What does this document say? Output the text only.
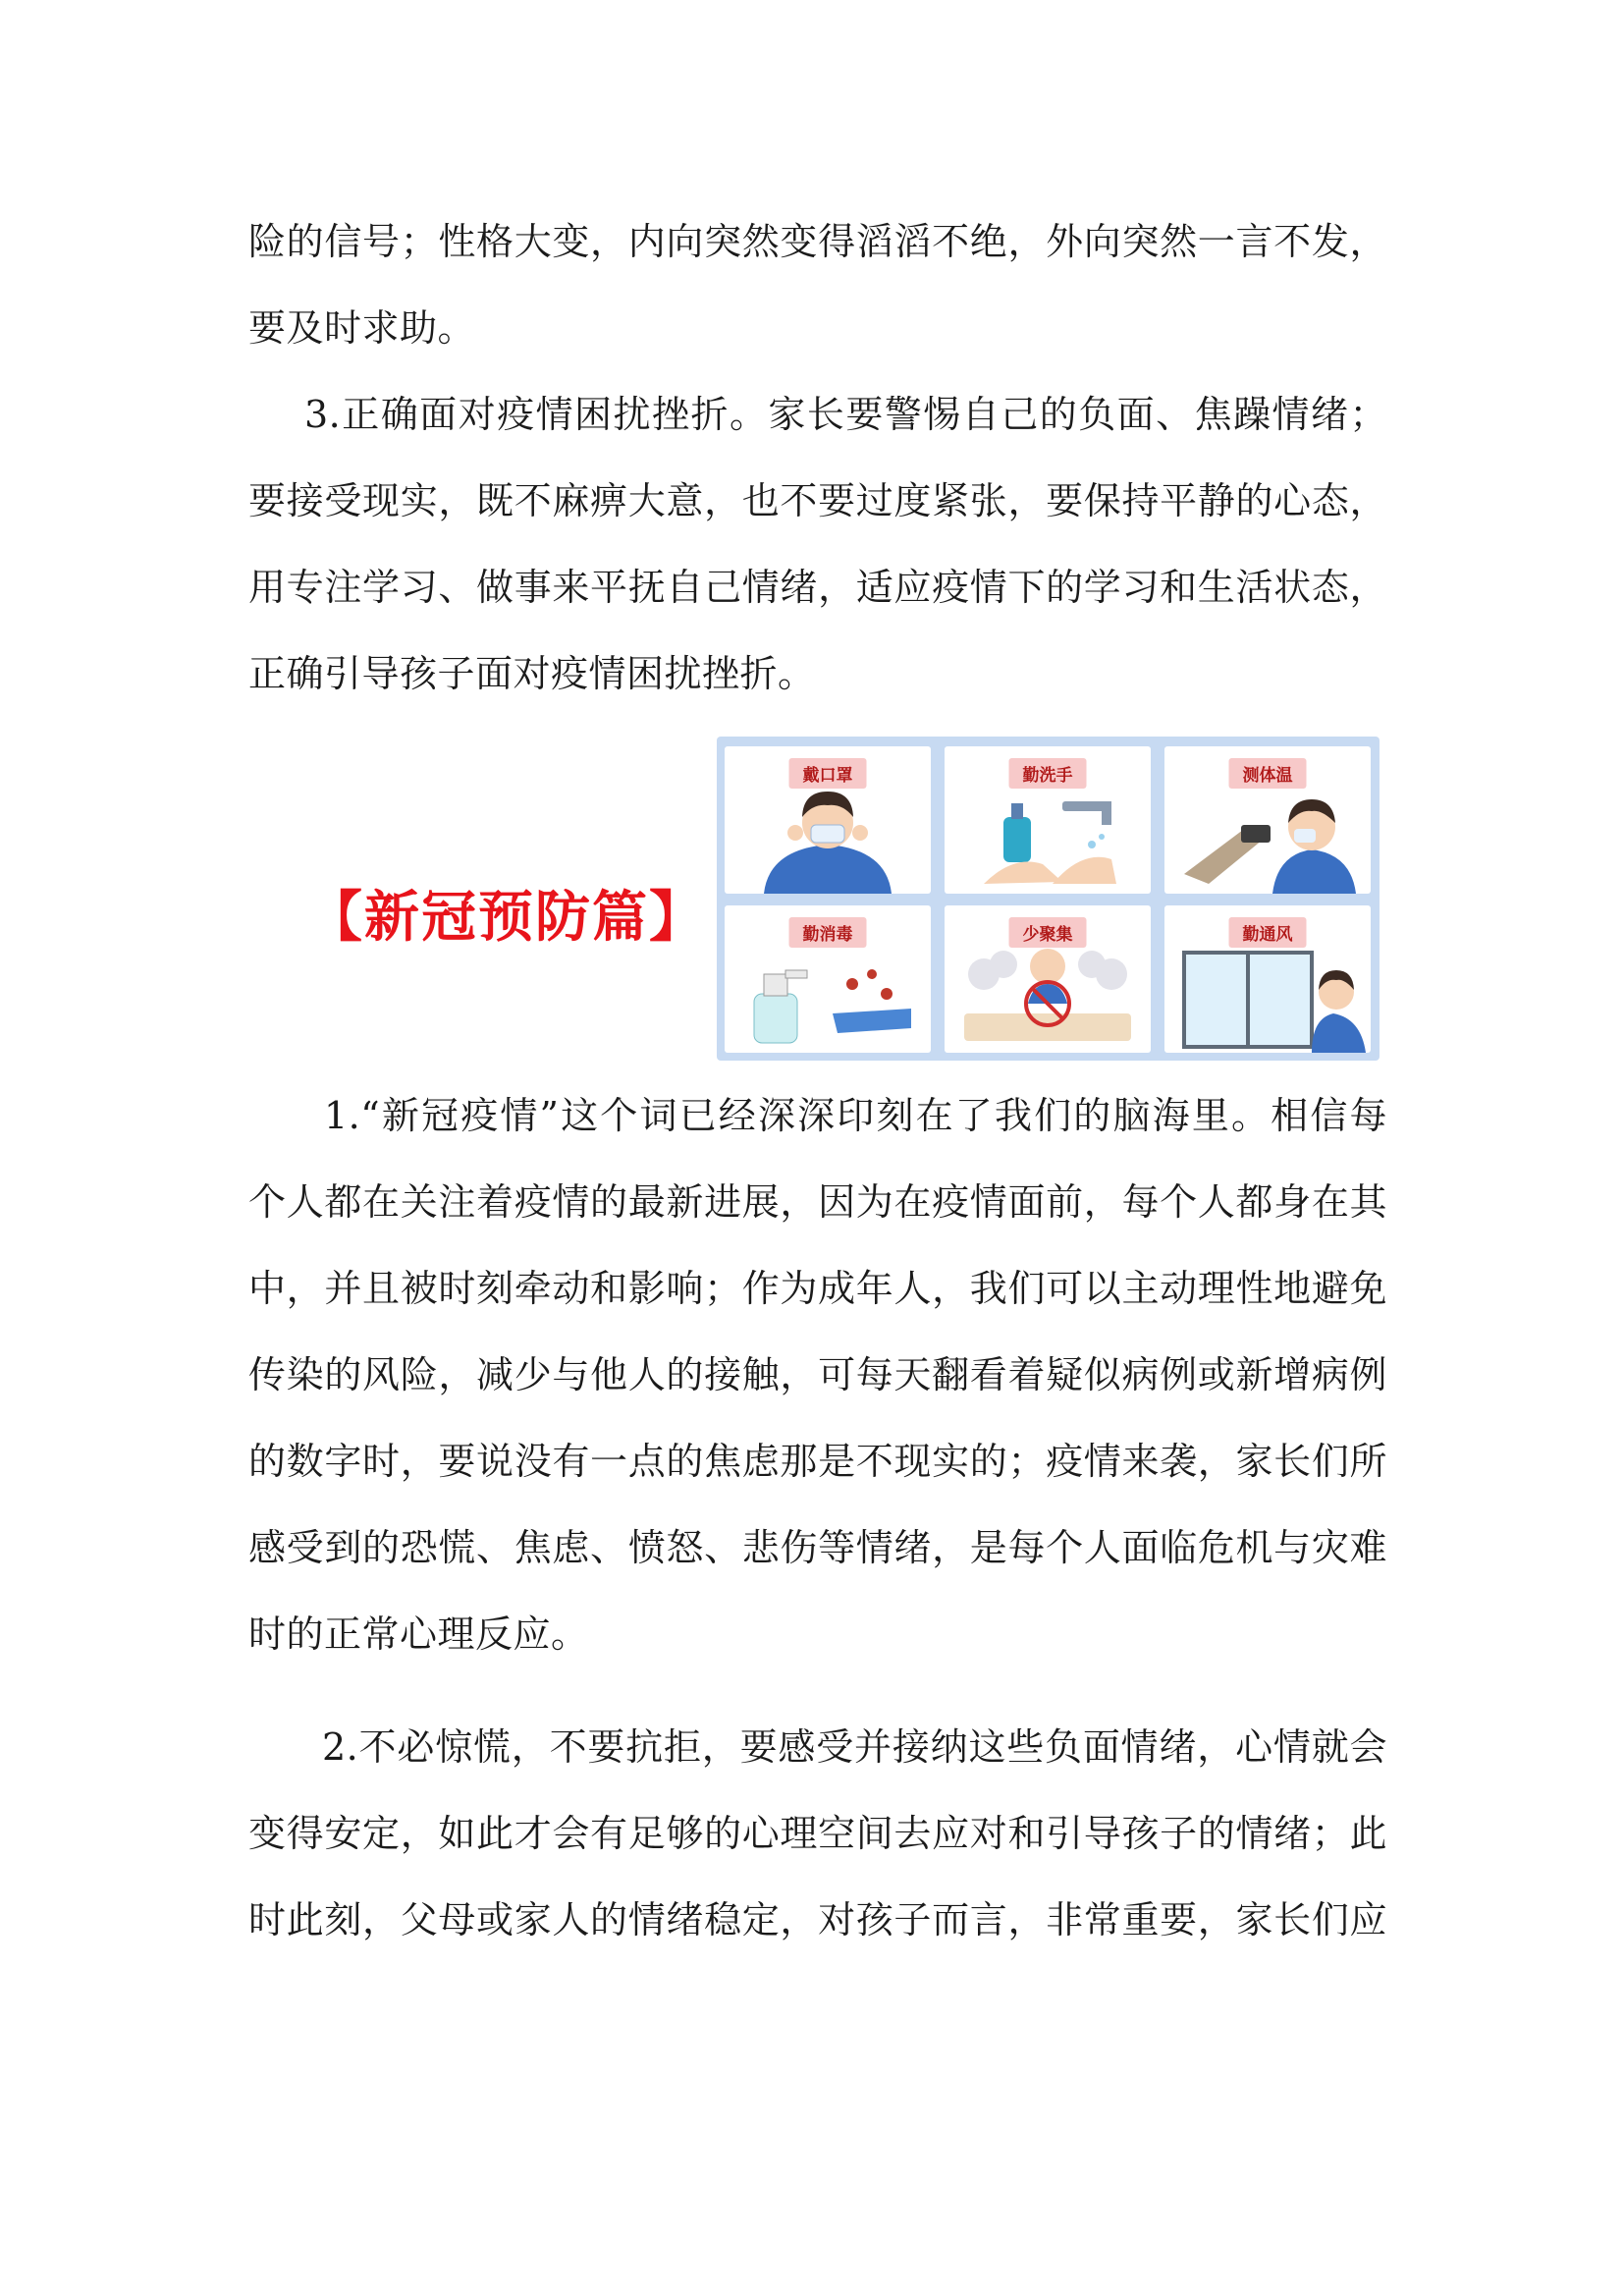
险的信号；性格大变，内向突然变得滔滔不绝，外向突然一言不发，
要及时求助。
3.正确面对疫情困扰挫折。家长要警惕自己的负面、焦躁情绪；
要接受现实，既不麻痹大意，也不要过度紧张，要保持平静的心态，
用专注学习、做事来平抚自己情绪，适应疫情下的学习和生活状态，
正确引导孩子面对疫情困扰挫折。
【新冠预防篇】
戴口罩	勤洗手	测体温
勤消毒	少聚集	勤通风
1.“新冠疫情”这个词已经深深印刻在了我们的脑海里。相信每
个人都在关注着疫情的最新进展，因为在疫情面前，每个人都身在其
中，并且被时刻牵动和影响；作为成年人，我们可以主动理性地避免
传染的风险，减少与他人的接触，可每天翻看着疑似病例或新增病例
的数字时，要说没有一点的焦虑那是不现实的；疫情来袭，家长们所
感受到的恐慌、焦虑、愤怒、悲伤等情绪，是每个人面临危机与灾难
时的正常心理反应。
2.不必惊慌，不要抗拒，要感受并接纳这些负面情绪，心情就会
变得安定，如此才会有足够的心理空间去应对和引导孩子的情绪；此
时此刻，父母或家人的情绪稳定，对孩子而言，非常重要，家长们应
